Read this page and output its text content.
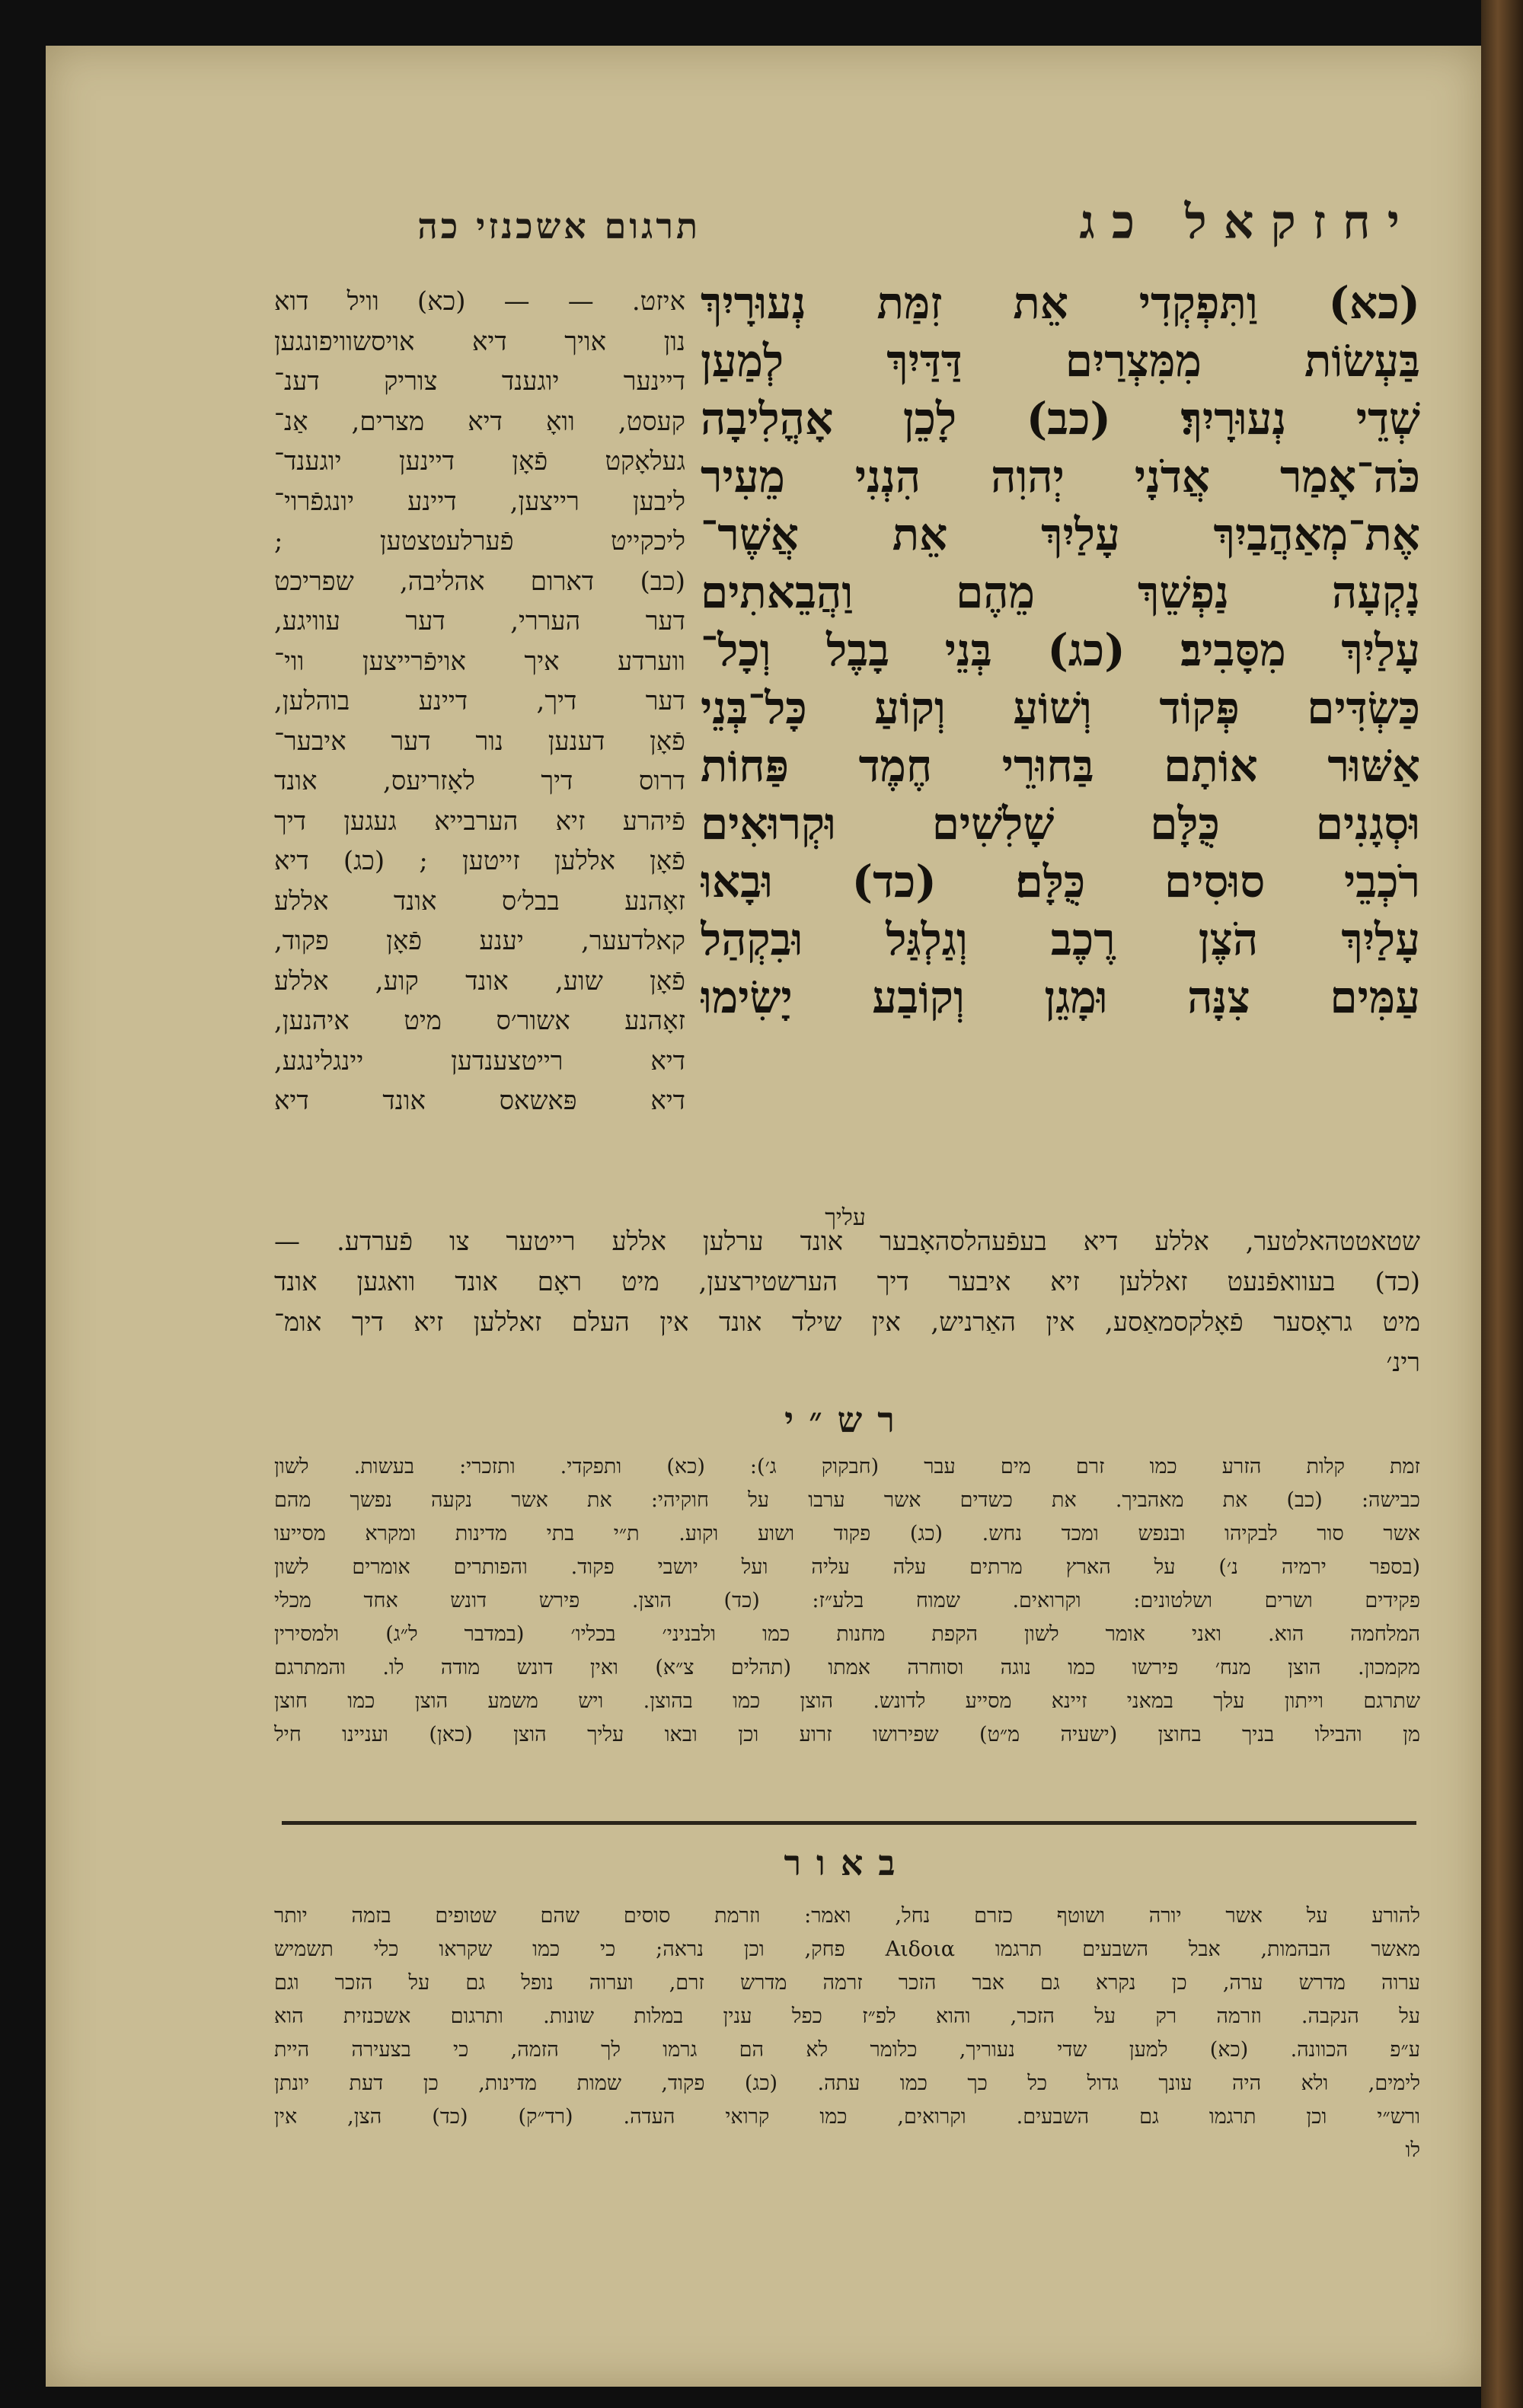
יחזקאל כג
תרגום אשכנזי כה
(כא) וַתִּפְקְדִי אֵת זִמַּת נְעוּרָיִךְ
בַּעְשׂוֹת מִמִּצְרַיִם דַּדַּיִךְ לְמַעַן
שְׁדֵי נְעוּרָיִךְ׃ (כב) לָכֵן אָהֳלִיבָה
כֹּה־אָמַר אֲדֹנָי יְהוִה הִנְנִי מֵעִיר
אֶת־מְאַהֲבַיִךְ עָלַיִךְ אֵת אֲשֶׁר־
נָקְעָה נַפְשֵׁךְ מֵהֶם וַהֲבֵאתִים
עָלַיִךְ מִסָּבִיב׃ (כג) בְּנֵי בָבֶל וְכָל־
כַּשְׂדִּים פְּקוֹד וְשׁוֹעַ וְקוֹעַ כָּל־בְּנֵי
אַשּׁוּר אוֹתָם בַּחוּרֵי חֶמֶד פַּחוֹת
וּסְגָנִים כֻּלָּם שָׁלִשִׁים וּקְרוּאִים
רֹכְבֵי סוּסִים כֻּלָּם׃ (כד) וּבָאוּ
עָלַיִךְ הֹצֶן רֶכֶב וְגַלְגַּל וּבִקְהַל
עַמִּים צִנָּה וּמָגֵן וְקוֹבַע יָשִׂימוּ
איזט. — — (כא) וויל דוא
נון אויך דיא אויסשוויפונגען
דיינער יוגענד צוריק דענ־
קעסט, וואָ דיא מצרים, אַנ־
געלאָקט פֿאָן דיינען יוגענד־
ליבען רייצען, דיינע יונגפֿרוי־
ליכקייט פֿערלעטצטען ;
(כב) דארום אהליבה, שפריכט
דער העררי, דער עוויגע,
ווערדע איך אויפֿרייצען ווי־
דער דיך, דיינע בוהלען,
פֿאָן דענען נור דער איבער־
דרוס דיך לאָזריעס, אונד
פֿיהרע זיא הערבייא געגען דיך
פֿאָן אללען זייטען ; (כג) דיא
זאָהנע בבל׳ס אונד אללע
קאלדעער, יענע פֿאָן פקוד,
פֿאָן שוע, אונד קוע, אללע
זאָהנע אשור׳ס מיט איהנען,
דיא רייטצענדען יינגלינגע,
דיא פּאשאס אונד דיא
עליך
שטאטטהאלטער, אללע דיא בעפֿעהלסהאָבער אונד ערלען אללע רייטער צו פֿערדע. —
(כד) בעוואפֿנעט זאללען זיא איבער דיך הערשטירצען, מיט ראָם אונד וואגען אונד
מיט גראָסער פֿאָלקסמאַסע, אין האַרניש, אין שילד אונד אין העלם זאללען זיא דיך אומ־
רינ׳
רש״י
זמת קלות הזרע כמו זרם מים עבר (חבקוק ג׳): (כא) ותפקדי. ותזכרי: בעשות. לשון
כבישה: (כב) את מאהביך. את כשדים אשר ערבו על חוקיהי: את אשר נקעה נפשך מהם
אשר סור לבקיהו ובנפש ומכד נחש. (כג) פקוד ושוע וקוע. ת״י בתי מדינות ומקרא מסייעו
(בספר ירמיה נ׳) על הארץ מרתים עלה עליה ועל יושבי פקוד. והפותרים אומרים לשון
פקידים ושרים ושלטונים: וקרואים. שמוח בלע״ז: (כד) הוצן. פירש דונש אחד מכלי
המלחמה הוא. ואני אומר לשון הקפת מחנות כמו ולבניני׳ בכליו׳ (במדבר ל״ג) ולמסירין
מקמכון. הוצן מנח׳ פירשו כמו נוגה וסוחרה אמתו (תהלים צ״א) ואין דונש מודה לו. והמתרגם
שתרגם וייתון עלך במאני זיינא מסייע לדונש. הוצן כמו בהוצן. ויש משמע הוצן כמו חוצן
מן והבילו בניך בחוצן (ישעיה מ״ט) שפירושו זרוע וכן ובאו עליך הוצן (כאן) ועניינו חיל
באור
להורע על אשר יורה ושוטף כזרם נחל, ואמר: וזרמת סוסים שהם שטופים בזמה יותר
מאשר הבהמות, אבל השבעים תרגמו Αιδοια פחק, וכן נראה; כי כמו שקראו כלי תשמיש
ערוה מדרש ערה, כן נקרא גם אבר הזכר זרמה מדרש זרם, וערוה נופל גם על הזכר וגם
על הנקבה. וזרמה רק על הזכר, והוא לפ״ז כפל ענין במלות שונות. ותרגום אשכנזית הוא
ע״פ הכוונה. (כא) למען שדי נעוריך, כלומר לא הם גרמו לך הזמה, כי בצעירה היית
לימים, ולא היה עונך גדול כל כך כמו עתה. (כג) פקוד, שמות מדינות, כן דעת יונתן
ורש״י וכן תרגמו גם השבעים. וקרואים, כמו קרואי העדה. (רד״ק) (כד) הצן, אין
לו
